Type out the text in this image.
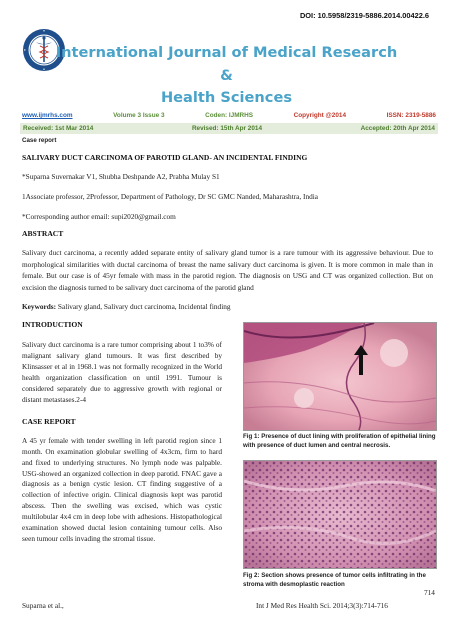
DOI: 10.5958/2319-5886.2014.00422.6
International Journal of Medical Research
&
Health Sciences
www.ijmrhs.com	Volume 3 Issue 3	Coden: IJMRHS	Copyright @2014	ISSN: 2319-5886
Received: 1st Mar 2014	Revised: 15th Apr 2014	Accepted: 20th Apr 2014
Case report
SALIVARY DUCT CARCINOMA OF PAROTID GLAND- AN INCIDENTAL FINDING
*Suparna Suvernakar V1, Shubha Deshpande A2, Prabha Mulay S1
1Associate professor, 2Professor, Department of Pathology, Dr SC GMC Nanded, Maharashtra, India
*Corresponding author email: supi2020@gmail.com
ABSTRACT
Salivary duct carcinoma, a recently added separate entity of salivary gland tumor is a rare tumour with its aggressive behaviour. Due to morphological similarities with ductal carcinoma of breast the name salivary duct carcinoma is given. It is more common in male than in female. But our case is of 45yr female with mass in the parotid region. The diagnosis on USG and CT was organized collection. But on excision the diagnosis turned to be salivary duct carcinoma of the parotid gland
Keywords: Salivary gland, Salivary duct carcinoma, Incidental finding
INTRODUCTION
Salivary duct carcinoma is a rare tumor comprising about 1 to3% of malignant salivary gland tumours. It was first described by Klinsasser et al in 1968.1 was not formally recognized in the World health organization classification on until 1991. Tumour is considered separately due to aggressive growth with regional or distant metastases.2-4
CASE REPORT
A 45 yr female with tender swelling in left parotid region since 1 month. On examination globular swelling of 4x3cm, firm to hard and fixed to underlying structures. No lymph node was palpable. USG-showed an organized collection in deep parotid. FNAC gave a diagnosis as a benign cystic lesion. CT finding suggestive of a collection of infective origin. Clinical diagnosis kept was parotid abscess. Then the swelling was excised, which was cystic multilobular 4x4 cm in deep lobe with adhesions. Histopathological examination showed ductal lesion containing tumour cells. Also seen tumour cells invading the stromal tissue.
Fig 1: Presence of duct lining with proliferation of epithelial lining with presence of duct lumen and central necrosis.
Fig 2: Section shows presence of tumor cells infiltrating in the stroma with desmoplastic reaction
714
Suparna et al.,	Int J Med Res Health Sci. 2014;3(3):714-716
